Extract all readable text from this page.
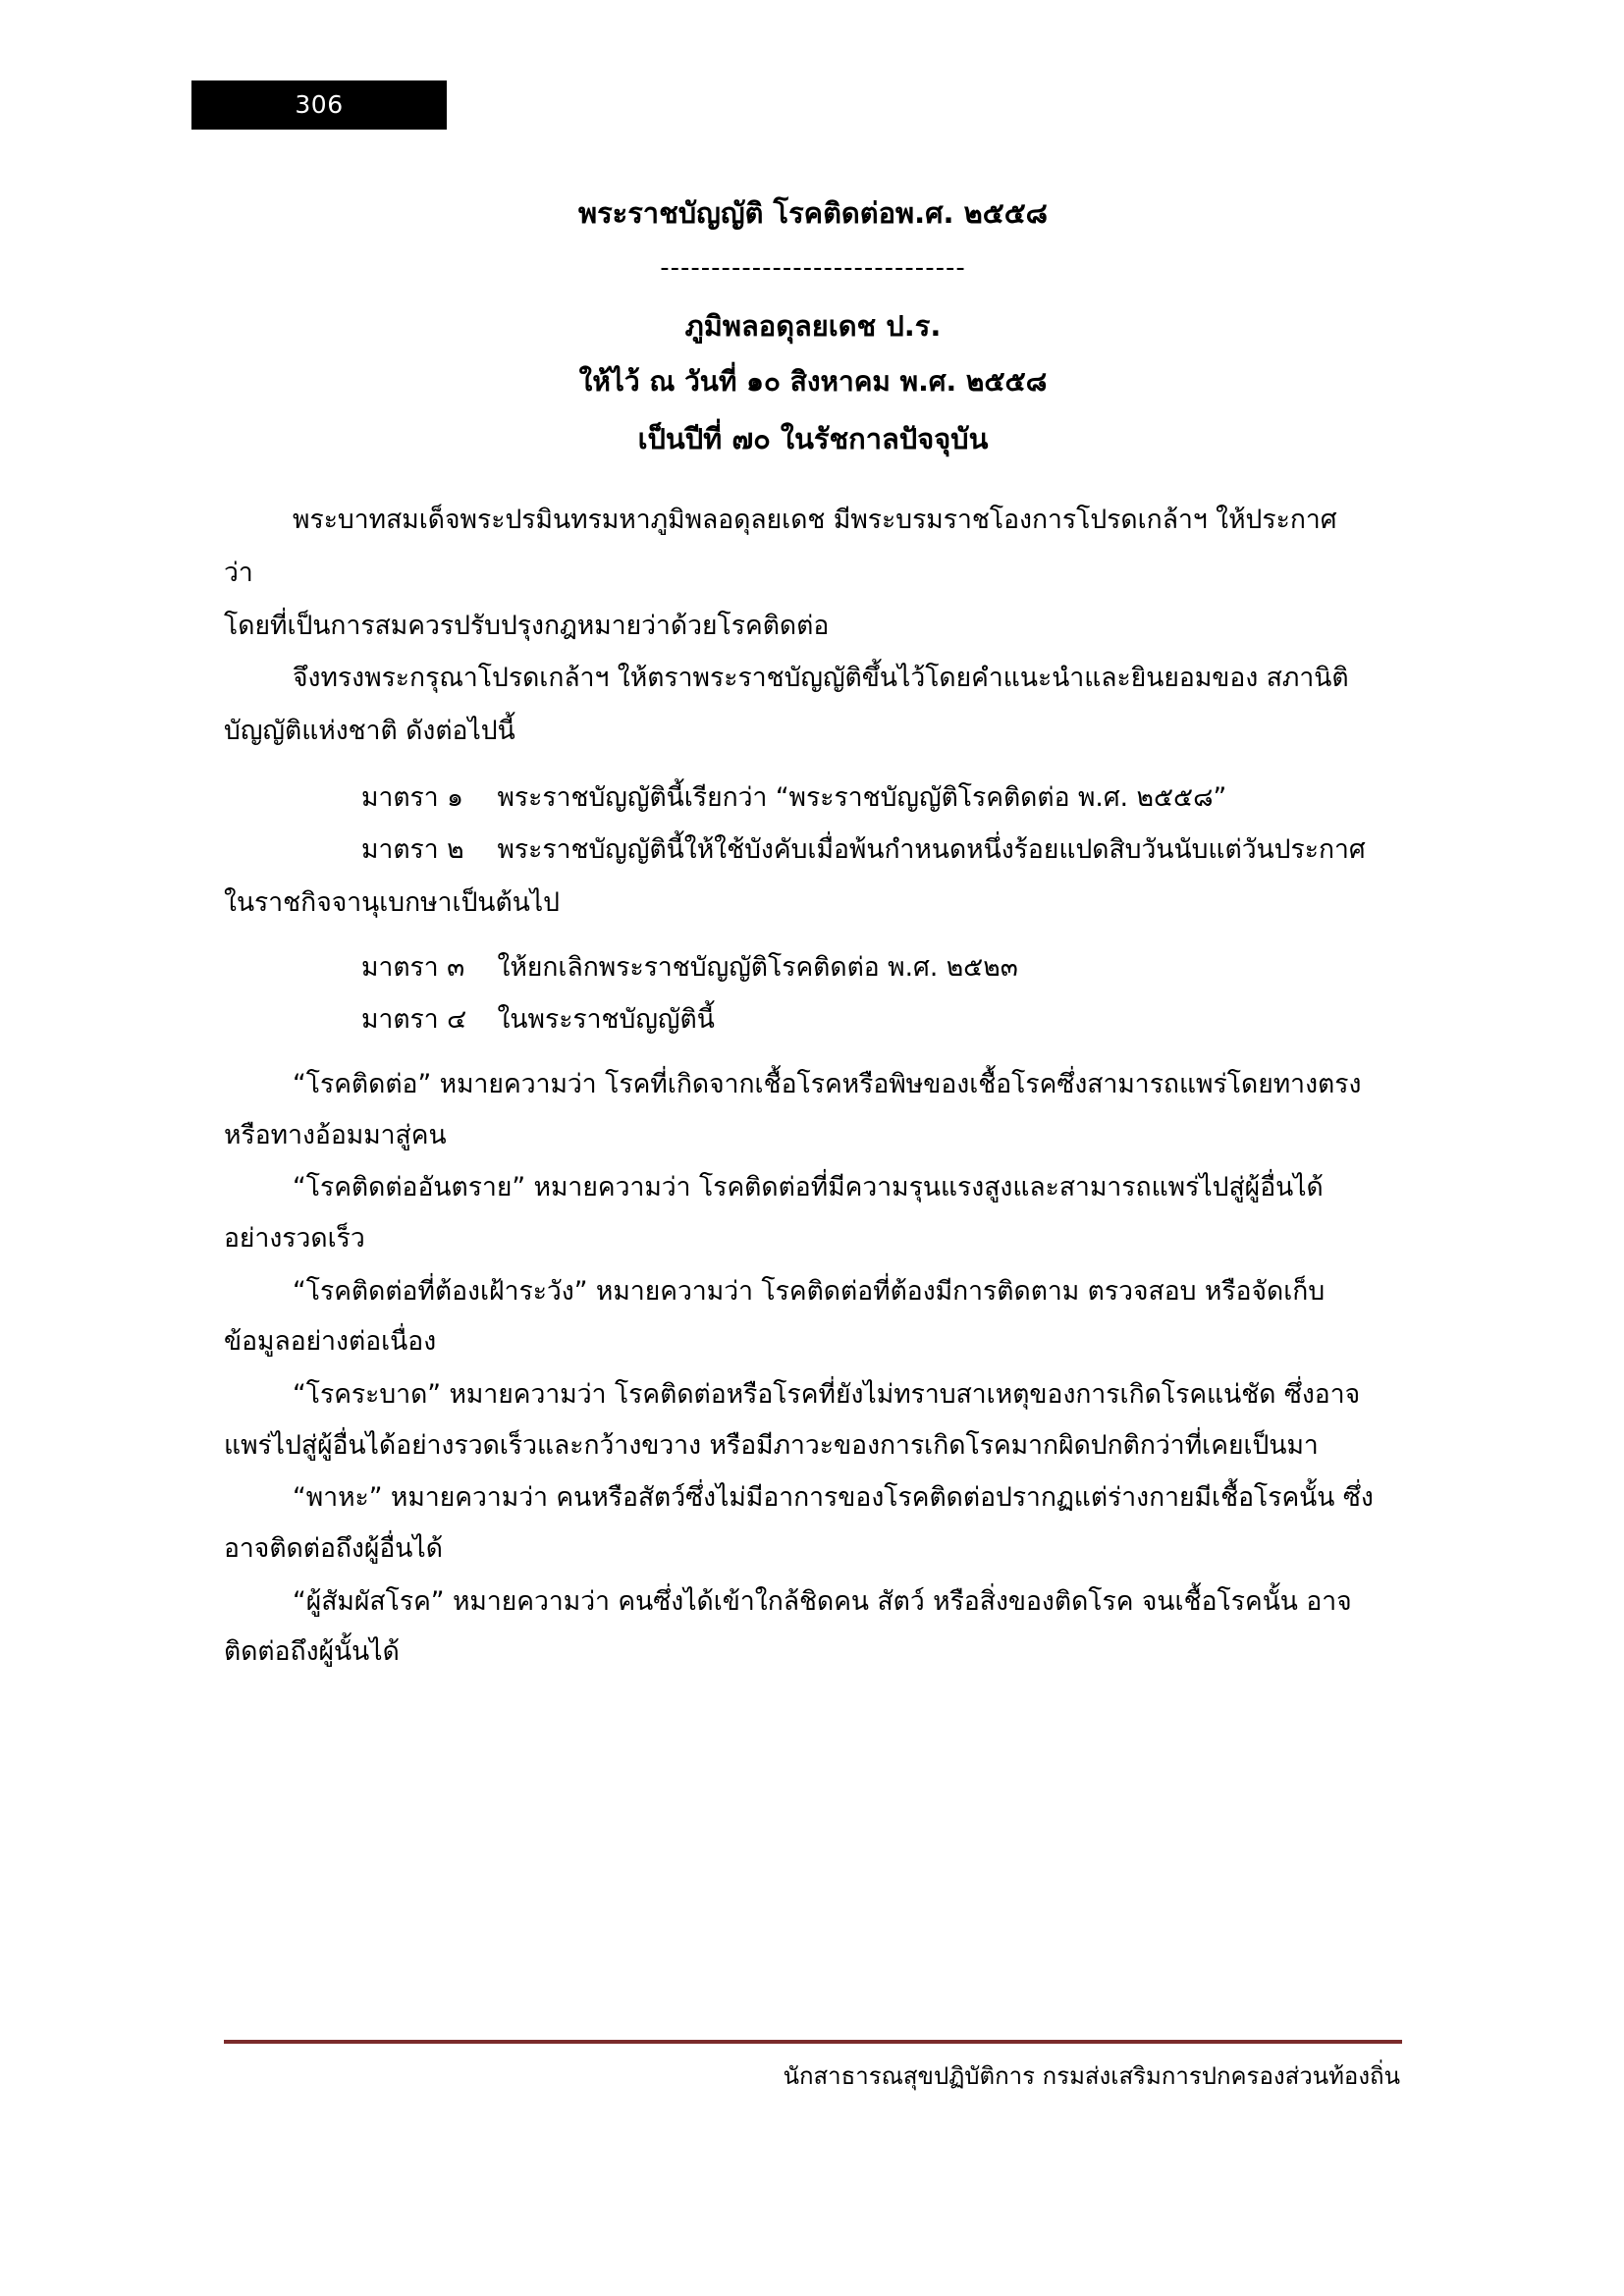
306

พระราชบัญญัติ โรคติดต่อพ.ศ. ๒๕๕๘

------------------------------

ภูมิพลอดุลยเดช ป.ร.

ให้ไว้ ณ วันที่ ๑๐ สิงหาคม พ.ศ. ๒๕๕๘

เป็นปีที่ ๗๐ ในรัชกาลปัจจุบัน

พระบาทสมเด็จพระปรมินทรมหาภูมิพลอดุลยเดช มีพระบรมราชโองการโปรดเกล้าฯ ให้ประกาศ

ว่า

โดยที่เป็นการสมควรปรับปรุงกฎหมายว่าด้วยโรคติดต่อ

จึงทรงพระกรุณาโปรดเกล้าฯ ให้ตราพระราชบัญญัติขึ้นไว้โดยคำแนะนำและยินยอมของ สภานิติ

บัญญัติแห่งชาติ ดังต่อไปนี้

มาตรา ๑ พระราชบัญญัตินี้เรียกว่า “พระราชบัญญัติโรคติดต่อ พ.ศ. ๒๕๕๘”

มาตรา ๒ พระราชบัญญัตินี้ให้ใช้บังคับเมื่อพ้นกำหนดหนึ่งร้อยแปดสิบวันนับแต่วันประกาศ

ในราชกิจจานุเบกษาเป็นต้นไป

มาตรา ๓ ให้ยกเลิกพระราชบัญญัติโรคติดต่อ พ.ศ. ๒๕๒๓

มาตรา ๔ ในพระราชบัญญัตินี้

“โรคติดต่อ” หมายความว่า โรคที่เกิดจากเชื้อโรคหรือพิษของเชื้อโรคซึ่งสามารถแพร่โดยทางตรง

หรือทางอ้อมมาสู่คน

“โรคติดต่ออันตราย” หมายความว่า โรคติดต่อที่มีความรุนแรงสูงและสามารถแพร่ไปสู่ผู้อื่นได้

อย่างรวดเร็ว

“โรคติดต่อที่ต้องเฝ้าระวัง” หมายความว่า โรคติดต่อที่ต้องมีการติดตาม ตรวจสอบ หรือจัดเก็บ

ข้อมูลอย่างต่อเนื่อง

“โรคระบาด” หมายความว่า โรคติดต่อหรือโรคที่ยังไม่ทราบสาเหตุของการเกิดโรคแน่ชัด ซึ่งอาจ

แพร่ไปสู่ผู้อื่นได้อย่างรวดเร็วและกว้างขวาง หรือมีภาวะของการเกิดโรคมากผิดปกติกว่าที่เคยเป็นมา

“พาหะ” หมายความว่า คนหรือสัตว์ซึ่งไม่มีอาการของโรคติดต่อปรากฏแต่ร่างกายมีเชื้อโรคนั้น ซึ่ง

อาจติดต่อถึงผู้อื่นได้

“ผู้สัมผัสโรค” หมายความว่า คนซึ่งได้เข้าใกล้ชิดคน สัตว์ หรือสิ่งของติดโรค จนเชื้อโรคนั้น อาจ

ติดต่อถึงผู้นั้นได้

นักสาธารณสุขปฏิบัติการ กรมส่งเสริมการปกครองส่วนท้องถิ่น
